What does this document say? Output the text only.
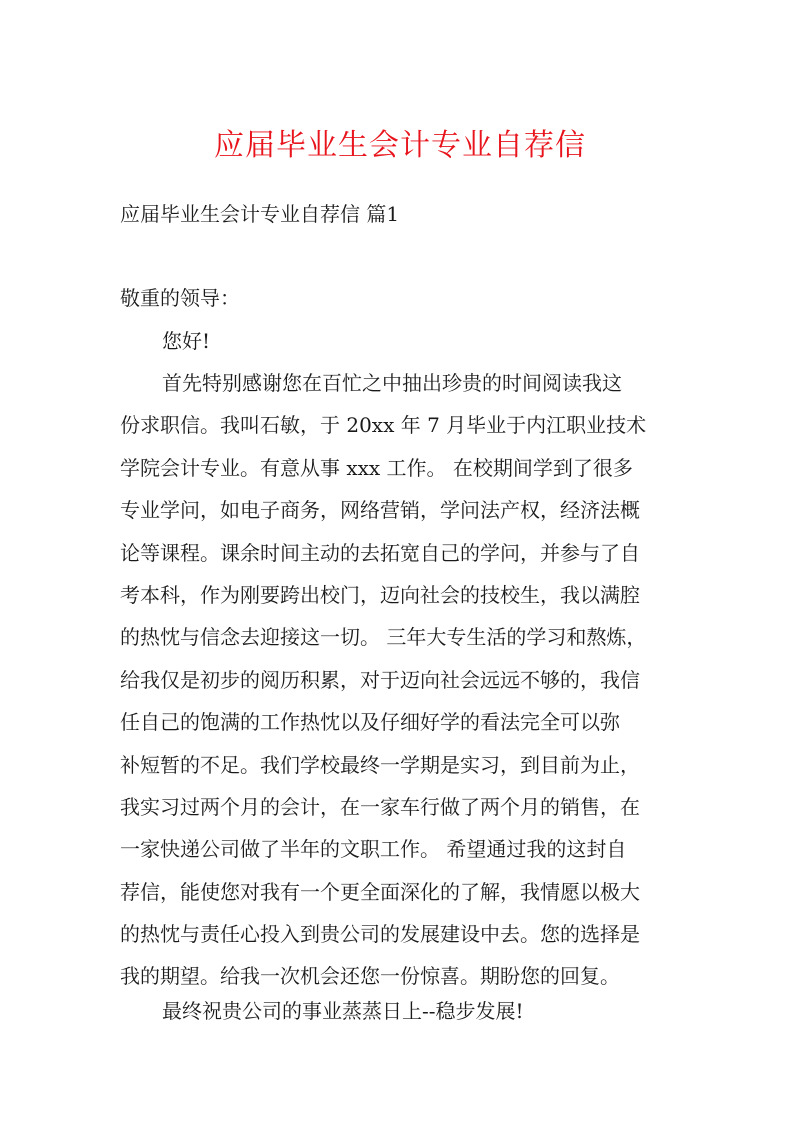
应届毕业生会计专业自荐信

应届毕业生会计专业自荐信 篇1

敬重的领导：

您好!

首先特别感谢您在百忙之中抽出珍贵的时间阅读我这
份求职信。我叫石敏，于 20xx 年 7 月毕业于内江职业技术
学院会计专业。有意从事 xxx 工作。 在校期间学到了很多
专业学问，如电子商务，网络营销，学问法产权，经济法概
论等课程。课余时间主动的去拓宽自己的学问，并参与了自
考本科，作为刚要跨出校门，迈向社会的技校生，我以满腔
的热忱与信念去迎接这一切。 三年大专生活的学习和熬炼，
给我仅是初步的阅历积累，对于迈向社会远远不够的，我信
任自己的饱满的工作热忱以及仔细好学的看法完全可以弥
补短暂的不足。我们学校最终一学期是实习，到目前为止，
我实习过两个月的会计，在一家车行做了两个月的销售，在
一家快递公司做了半年的文职工作。 希望通过我的这封自
荐信，能使您对我有一个更全面深化的了解，我情愿以极大
的热忱与责任心投入到贵公司的发展建设中去。您的选择是
我的期望。给我一次机会还您一份惊喜。期盼您的回复。

最终祝贵公司的事业蒸蒸日上--稳步发展!
